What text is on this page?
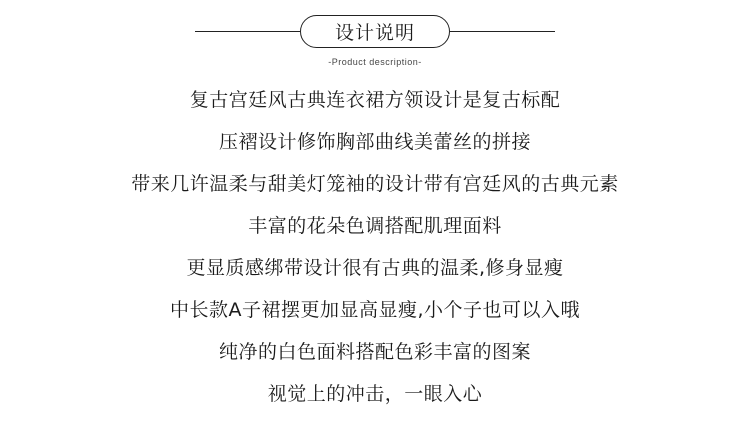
设计说明
-Product description-
复古宫廷风古典连衣裙方领设计是复古标配
压褶设计修饰胸部曲线美蕾丝的拼接
带来几许温柔与甜美灯笼袖的设计带有宫廷风的古典元素
丰富的花朵色调搭配肌理面料
更显质感绑带设计很有古典的温柔,修身显瘦
中长款A子裙摆更加显高显瘦,小个子也可以入哦
纯净的白色面料搭配色彩丰富的图案
视觉上的冲击，一眼入心
